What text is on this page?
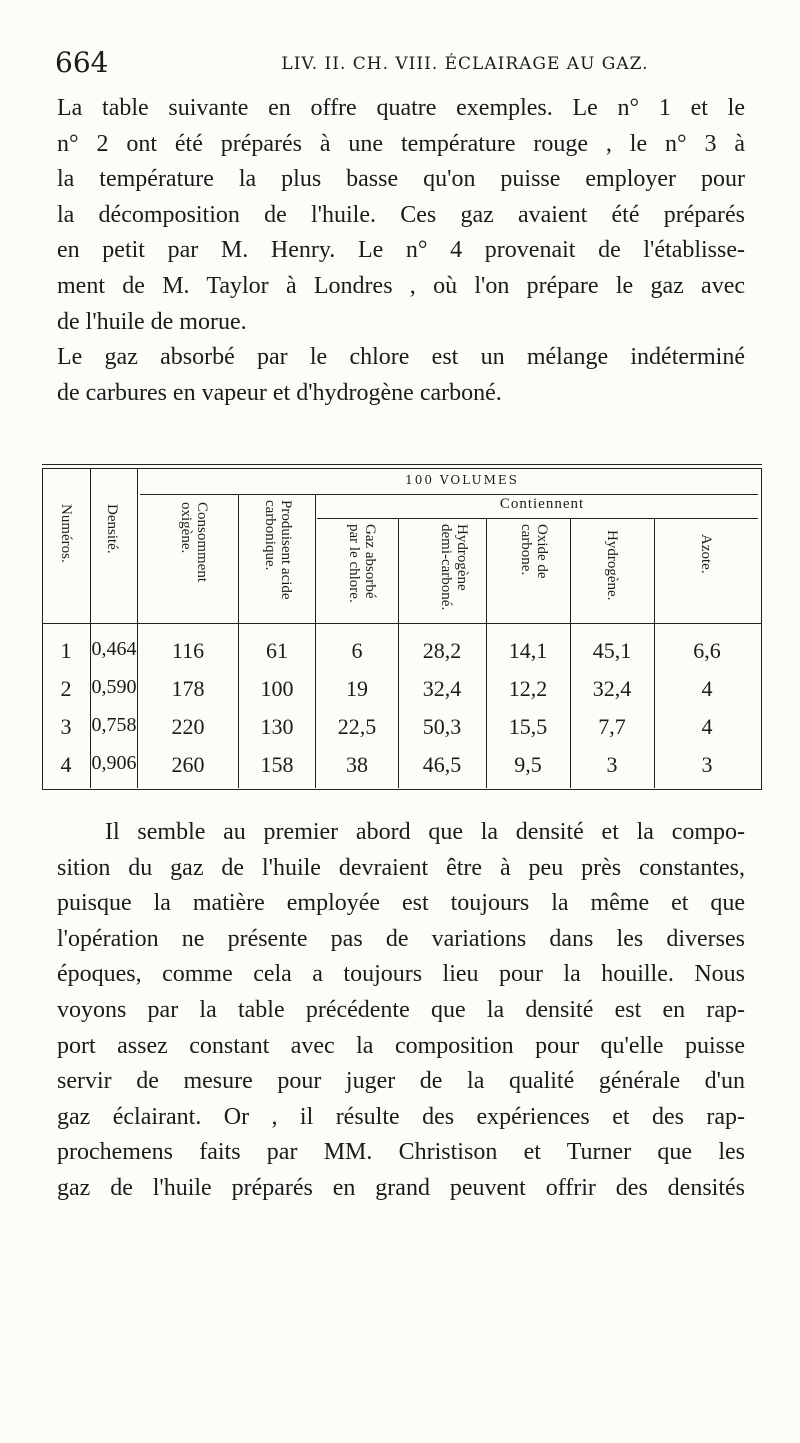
664	LIV. II. CH. VIII. ÉCLAIRAGE AU GAZ.
La table suivante en offre quatre exemples. Le n° 1 et le
n° 2 ont été préparés à une température rouge , le n° 3 à
la température la plus basse qu'on puisse employer pour
la décomposition de l'huile. Ces gaz avaient été préparés
en petit par M. Henry. Le n° 4 provenait de l'établisse-
ment de M. Taylor à Londres , où l'on prépare le gaz avec
de l'huile de morue.
Le gaz absorbé par le chlore est un mélange indéterminé
de carbures en vapeur et d'hydrogène carboné.
100 VOLUMES
Contiennent
Numéros. Densité.	Consomment oxigène.	Produisent acide carbonique.	Gaz absorbé par le chlore.	Hydrogène demi-carboné.	Oxide de carbone.	Hydrogène.	Azote.
1	0,464	116	61	6	28,2	14,1	45,1	6,6
2	0,590	178	100	19	32,4	12,2	32,4	4
3	0,758	220	130	22,5	50,3	15,5	7,7	4
4	0,906	260	158	38	46,5	9,5	3	3
Il semble au premier abord que la densité et la compo-
sition du gaz de l'huile devraient être à peu près constantes,
puisque la matière employée est toujours la même et que
l'opération ne présente pas de variations dans les diverses
époques, comme cela a toujours lieu pour la houille. Nous
voyons par la table précédente que la densité est en rap-
port assez constant avec la composition pour qu'elle puisse
servir de mesure pour juger de la qualité générale d'un
gaz éclairant. Or , il résulte des expériences et des rap-
prochemens faits par MM. Christison et Turner que les
gaz de l'huile préparés en grand peuvent offrir des densités
